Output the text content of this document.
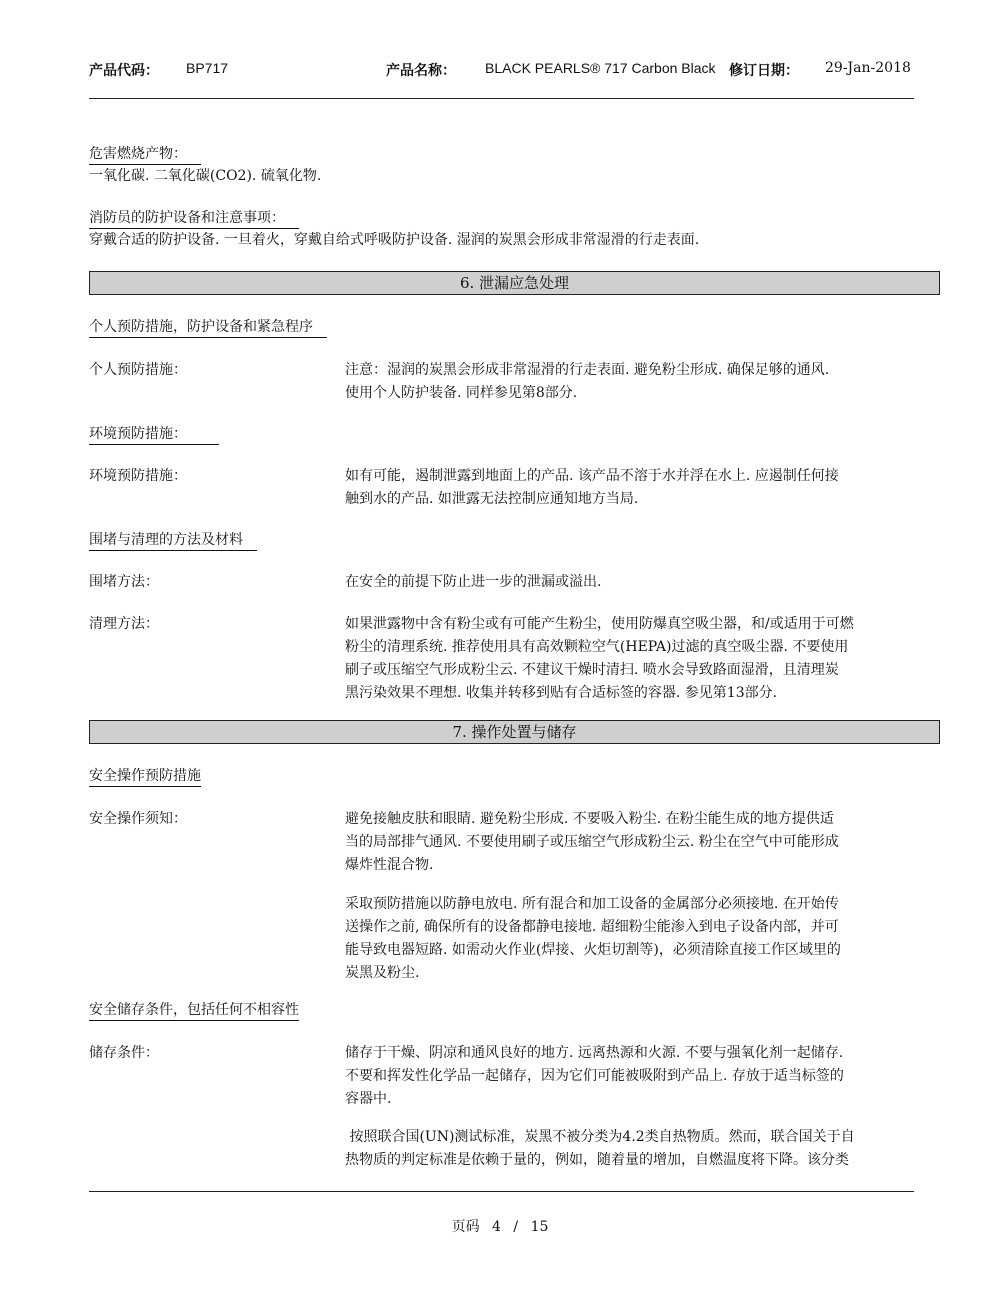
产品代码： BP717	产品名称： BLACK PEARLS® 717 Carbon Black 修订日期： 29-Jan-2018
危害燃烧产物：
一氧化碳. 二氧化碳(CO2). 硫氧化物.
消防员的防护设备和注意事项：
穿戴合适的防护设备. 一旦着火，穿戴自给式呼吸防护设备. 湿润的炭黑会形成非常湿滑的行走表面.
6. 泄漏应急处理
个人预防措施，防护设备和紧急程序
个人预防措施：	注意：湿润的炭黑会形成非常湿滑的行走表面. 避免粉尘形成. 确保足够的通风.
使用个人防护装备. 同样参见第8部分.
环境预防措施：
环境预防措施：	如有可能，遏制泄露到地面上的产品. 该产品不溶于水并浮在水上. 应遏制任何接
触到水的产品. 如泄露无法控制应通知地方当局.
围堵与清理的方法及材料
围堵方法：	在安全的前提下防止进一步的泄漏或溢出.
清理方法：	如果泄露物中含有粉尘或有可能产生粉尘，使用防爆真空吸尘器，和/或适用于可燃
粉尘的清理系统. 推荐使用具有高效颗粒空气(HEPA)过滤的真空吸尘器. 不要使用
刷子或压缩空气形成粉尘云. 不建议干燥时清扫. 喷水会导致路面湿滑，且清理炭
黑污染效果不理想. 收集并转移到贴有合适标签的容器. 参见第13部分.
7. 操作处置与储存
安全操作预防措施
安全操作须知：	避免接触皮肤和眼睛. 避免粉尘形成. 不要吸入粉尘. 在粉尘能生成的地方提供适
当的局部排气通风. 不要使用刷子或压缩空气形成粉尘云. 粉尘在空气中可能形成
爆炸性混合物.
采取预防措施以防静电放电. 所有混合和加工设备的金属部分必须接地. 在开始传
送操作之前, 确保所有的设备都静电接地. 超细粉尘能渗入到电子设备内部，并可
能导致电器短路. 如需动火作业(焊接、火炬切割等)，必须清除直接工作区域里的
炭黑及粉尘.
安全储存条件，包括任何不相容性
储存条件：	储存于干燥、阴凉和通风良好的地方. 远离热源和火源. 不要与强氧化剂一起储存.
不要和挥发性化学品一起储存，因为它们可能被吸附到产品上. 存放于适当标签的
容器中.
按照联合国(UN)测试标准，炭黑不被分类为4.2类自热物质。然而，联合国关于自
热物质的判定标准是依赖于量的，例如，随着量的增加，自燃温度将下降。该分类
页码 4 / 15
